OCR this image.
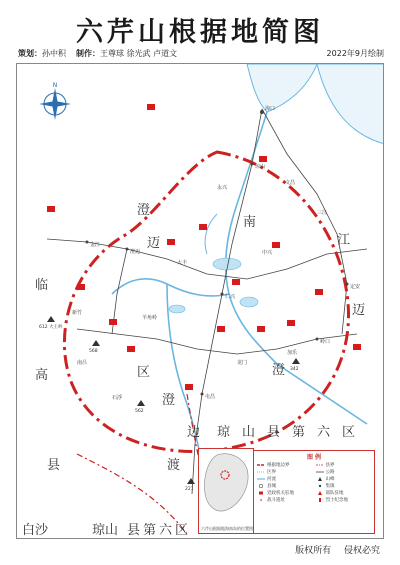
六芹山根据地简图
策划：孙中积 制作：王尊球 徐光武 卢道文	2022年9月绘制
N
澄
迈
临
高
县
白沙	琼山 县 第 六 区
区
澄
边 琼 山 县 第 六 区
渡
南
澄
江
迈
海口
琼山
永兴
澄迈
金江
定安
仁兴
岭口
屯昌
大丰
中兴
加乐
南吕
羊角岭
石浮
龙门
新竹
文昌
三江
612 大王岭
568
562
342
221
六芹山根据地海南岛的位置图
图 例
根据地边界	县界
区界	公路
河流	山峰
县城	集镇
党政机关驻地	部队驻地
✕ 战斗遗址	烈士纪念地
版权所有 侵权必究
